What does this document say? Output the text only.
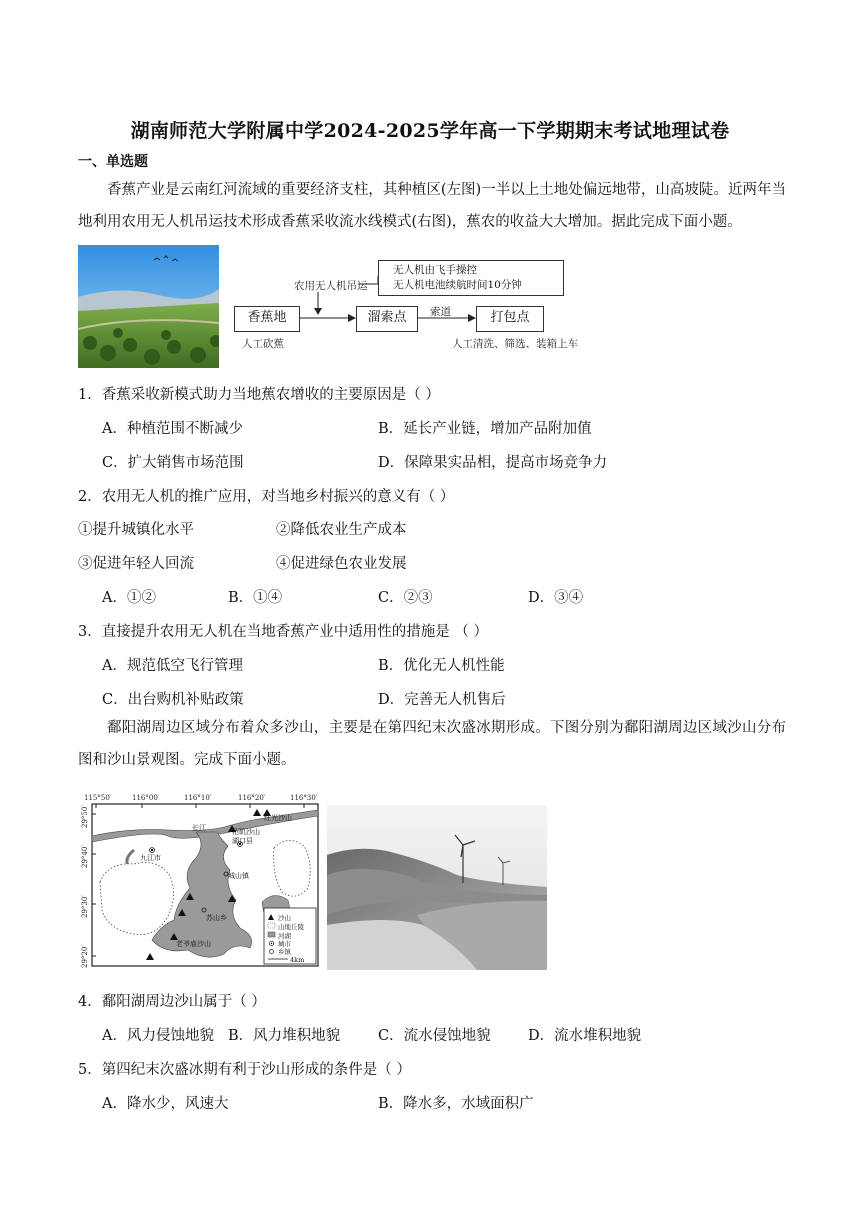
湖南师范大学附属中学2024-2025学年高一下学期期末考试地理试卷
一、单选题
香蕉产业是云南红河流域的重要经济支柱，其种植区(左图)一半以上土地处偏远地带，山高坡陡。近两年当地利用农用无人机吊运技术形成香蕉采收流水线模式(右图)，蕉农的收益大大增加。据此完成下面小题。
农用无人机吊运
无人机由飞手操控
无人机电池续航时间10分钟
香蕉地	溜索点	打包点
索道
人工砍蕉	人工清洗、筛选、装箱上车
1．香蕉采收新模式助力当地蕉农增收的主要原因是（ ）
A．种植范围不断减少	B．延长产业链，增加产品附加值
C．扩大销售市场范围	D．保障果实品相，提高市场竞争力
2．农用无人机的推广应用，对当地乡村振兴的意义有（ ）
①提升城镇化水平	②降低农业生产成本
③促进年轻人回流	④促进绿色农业发展
A．①②	B．①④	C．②③	D．③④
3．直接提升农用无人机在当地香蕉产业中适用性的措施是 （ ）
A．规范低空飞行管理	B．优化无人机性能
C．出台购机补贴政策	D．完善无人机售后
鄱阳湖周边区域分布着众多沙山，主要是在第四纪末次盛冰期形成。下图分别为鄱阳湖周边区域沙山分布图和沙山景观图。完成下面小题。
115°50′	116°00′	116°10′	116°20′	116°30′
29°50′
29°40′
29°30′
29°20′
红光沙山
长江	柘矶沙山
湖口县
九江市
城山镇
苏山乡
老爷庙沙山
沙山
山地丘陵
河湖
城市
乡镇
4km
4．鄱阳湖周边沙山属于（ ）
A．风力侵蚀地貌 B．风力堆积地貌	C．流水侵蚀地貌	D．流水堆积地貌
5．第四纪末次盛冰期有利于沙山形成的条件是（ ）
A．降水少，风速大	B．降水多，水域面积广
